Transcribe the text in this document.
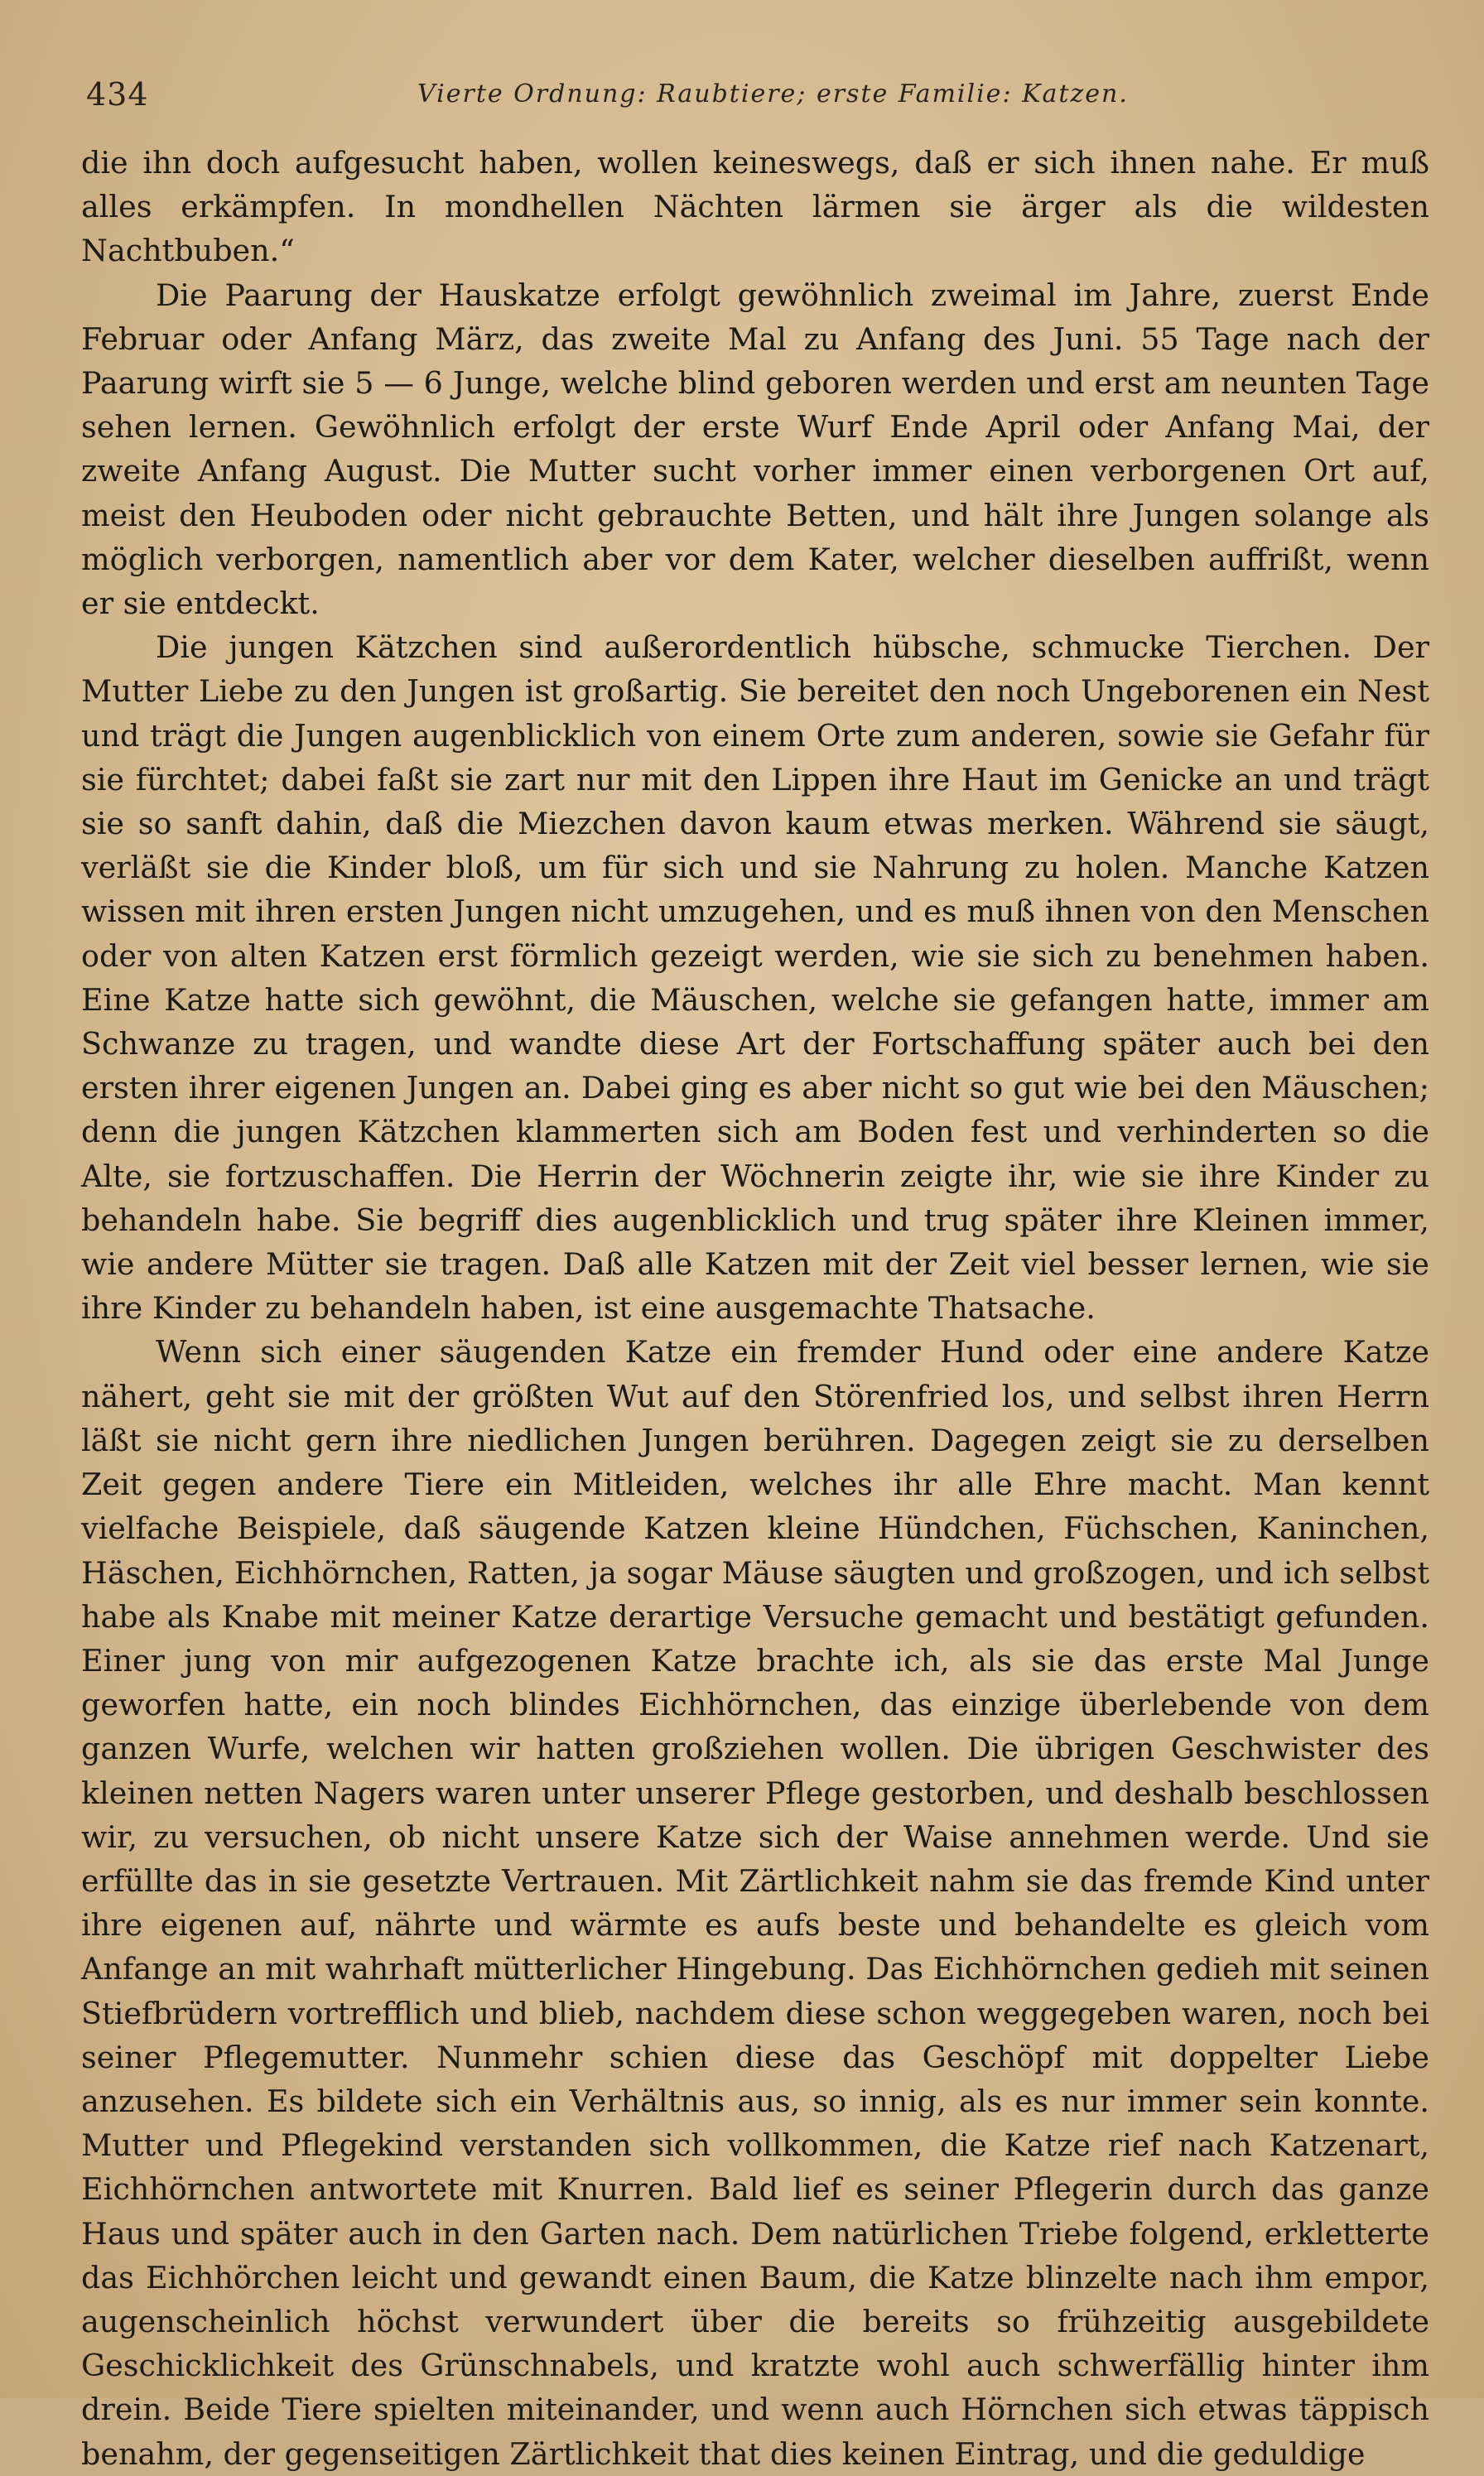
434	Vierte Ordnung: Raubtiere; erste Familie: Katzen.

die ihn doch aufgesucht haben, wollen keineswegs, daß er sich ihnen nahe. Er muß alles erkämpfen. In mondhellen Nächten lärmen sie ärger als die wildesten Nachtbuben.“

Die Paarung der Hauskatze erfolgt gewöhnlich zweimal im Jahre, zuerst Ende Februar oder Anfang März, das zweite Mal zu Anfang des Juni. 55 Tage nach der Paarung wirft sie 5 — 6 Junge, welche blind geboren werden und erst am neunten Tage sehen lernen. Gewöhnlich erfolgt der erste Wurf Ende April oder Anfang Mai, der zweite Anfang August. Die Mutter sucht vorher immer einen verborgenen Ort auf, meist den Heuboden oder nicht gebrauchte Betten, und hält ihre Jungen solange als möglich verborgen, namentlich aber vor dem Kater, welcher dieselben auffrißt, wenn er sie entdeckt.

Die jungen Kätzchen sind außerordentlich hübsche, schmucke Tierchen. Der Mutter Liebe zu den Jungen ist großartig. Sie bereitet den noch Ungeborenen ein Nest und trägt die Jungen augenblicklich von einem Orte zum anderen, sowie sie Gefahr für sie fürchtet; dabei faßt sie zart nur mit den Lippen ihre Haut im Genicke an und trägt sie so sanft dahin, daß die Miezchen davon kaum etwas merken. Während sie säugt, verläßt sie die Kinder bloß, um für sich und sie Nahrung zu holen. Manche Katzen wissen mit ihren ersten Jungen nicht umzugehen, und es muß ihnen von den Menschen oder von alten Katzen erst förmlich gezeigt werden, wie sie sich zu benehmen haben. Eine Katze hatte sich gewöhnt, die Mäuschen, welche sie gefangen hatte, immer am Schwanze zu tragen, und wandte diese Art der Fortschaffung später auch bei den ersten ihrer eigenen Jungen an. Dabei ging es aber nicht so gut wie bei den Mäuschen; denn die jungen Kätzchen klammerten sich am Boden fest und verhinderten so die Alte, sie fortzuschaffen. Die Herrin der Wöchnerin zeigte ihr, wie sie ihre Kinder zu behandeln habe. Sie begriff dies augenblicklich und trug später ihre Kleinen immer, wie andere Mütter sie tragen. Daß alle Katzen mit der Zeit viel besser lernen, wie sie ihre Kinder zu behandeln haben, ist eine ausgemachte Thatsache.

Wenn sich einer säugenden Katze ein fremder Hund oder eine andere Katze nähert, geht sie mit der größten Wut auf den Störenfried los, und selbst ihren Herrn läßt sie nicht gern ihre niedlichen Jungen berühren. Dagegen zeigt sie zu derselben Zeit gegen andere Tiere ein Mitleiden, welches ihr alle Ehre macht. Man kennt vielfache Beispiele, daß säugende Katzen kleine Hündchen, Füchschen, Kaninchen, Häschen, Eichhörnchen, Ratten, ja sogar Mäuse säugten und großzogen, und ich selbst habe als Knabe mit meiner Katze derartige Versuche gemacht und bestätigt gefunden. Einer jung von mir aufgezogenen Katze brachte ich, als sie das erste Mal Junge geworfen hatte, ein noch blindes Eichhörnchen, das einzige überlebende von dem ganzen Wurfe, welchen wir hatten großziehen wollen. Die übrigen Geschwister des kleinen netten Nagers waren unter unserer Pflege gestorben, und deshalb beschlossen wir, zu versuchen, ob nicht unsere Katze sich der Waise annehmen werde. Und sie erfüllte das in sie gesetzte Vertrauen. Mit Zärtlichkeit nahm sie das fremde Kind unter ihre eigenen auf, nährte und wärmte es aufs beste und behandelte es gleich vom Anfange an mit wahrhaft mütterlicher Hingebung. Das Eichhörnchen gedieh mit seinen Stiefbrüdern vortrefflich und blieb, nachdem diese schon weggegeben waren, noch bei seiner Pflegemutter. Nunmehr schien diese das Geschöpf mit doppelter Liebe anzusehen. Es bildete sich ein Verhältnis aus, so innig, als es nur immer sein konnte. Mutter und Pflegekind verstanden sich vollkommen, die Katze rief nach Katzenart, Eichhörnchen antwortete mit Knurren. Bald lief es seiner Pflegerin durch das ganze Haus und später auch in den Garten nach. Dem natürlichen Triebe folgend, erkletterte das Eichhörchen leicht und gewandt einen Baum, die Katze blinzelte nach ihm empor, augenscheinlich höchst verwundert über die bereits so frühzeitig ausgebildete Geschicklichkeit des Grünschnabels, und kratzte wohl auch schwerfällig hinter ihm drein. Beide Tiere spielten miteinander, und wenn auch Hörnchen sich etwas täppisch benahm, der gegenseitigen Zärtlichkeit that dies keinen Eintrag, und die geduldige
